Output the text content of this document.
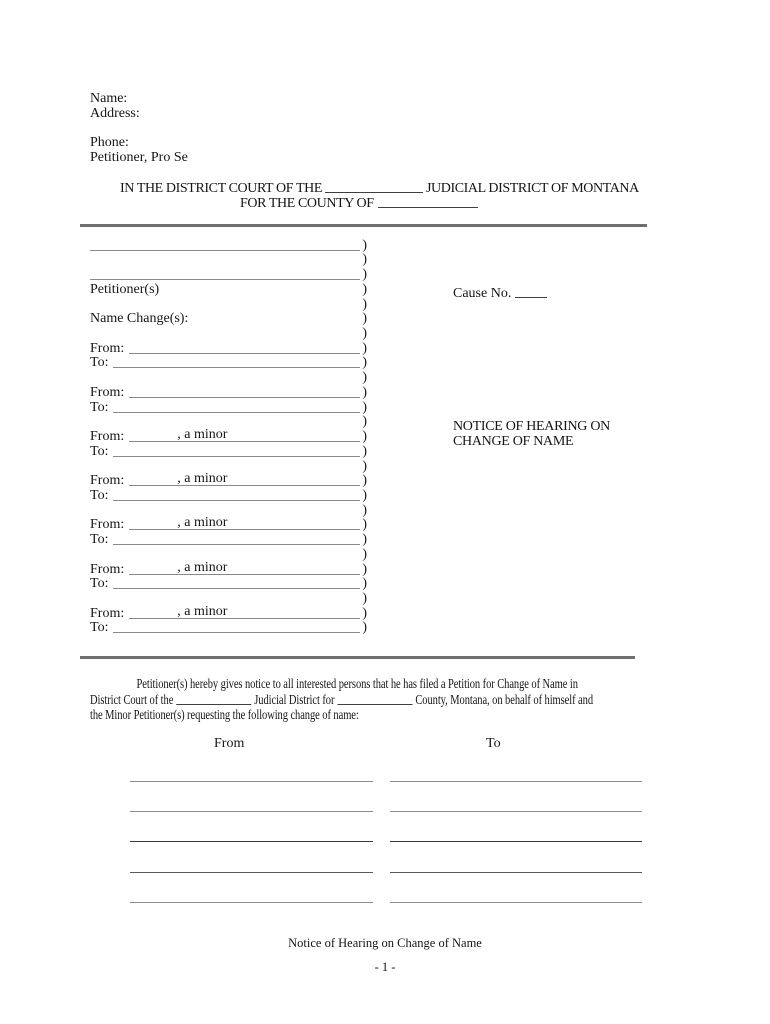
Name:
Address:
Phone:
Petitioner, Pro Se
IN THE DISTRICT COURT OF THE	JUDICIAL DISTRICT OF MONTANA
FOR THE COUNTY OF
)
)
)
Petitioner(s)	)
)
Name Change(s):	)
)
From:	)
To:	)
)
From:	)
To:	)
)
From:	, a minor	)
To:	)
)
From:	, a minor	)
To:	)
)
From:	, a minor	)
To:	)
)
From:	, a minor	)
To:	)
)
From:	, a minor	)
To:	)
Cause No.
NOTICE OF HEARING ON
CHANGE OF NAME
Petitioner(s) hereby gives notice to all interested persons that he has filed a Petition for Change of Name in
District Court of the	Judicial District for	County, Montana, on behalf of himself and
the Minor Petitioner(s) requesting the following change of name:
From	To
Notice of Hearing on Change of Name
- 1 -
